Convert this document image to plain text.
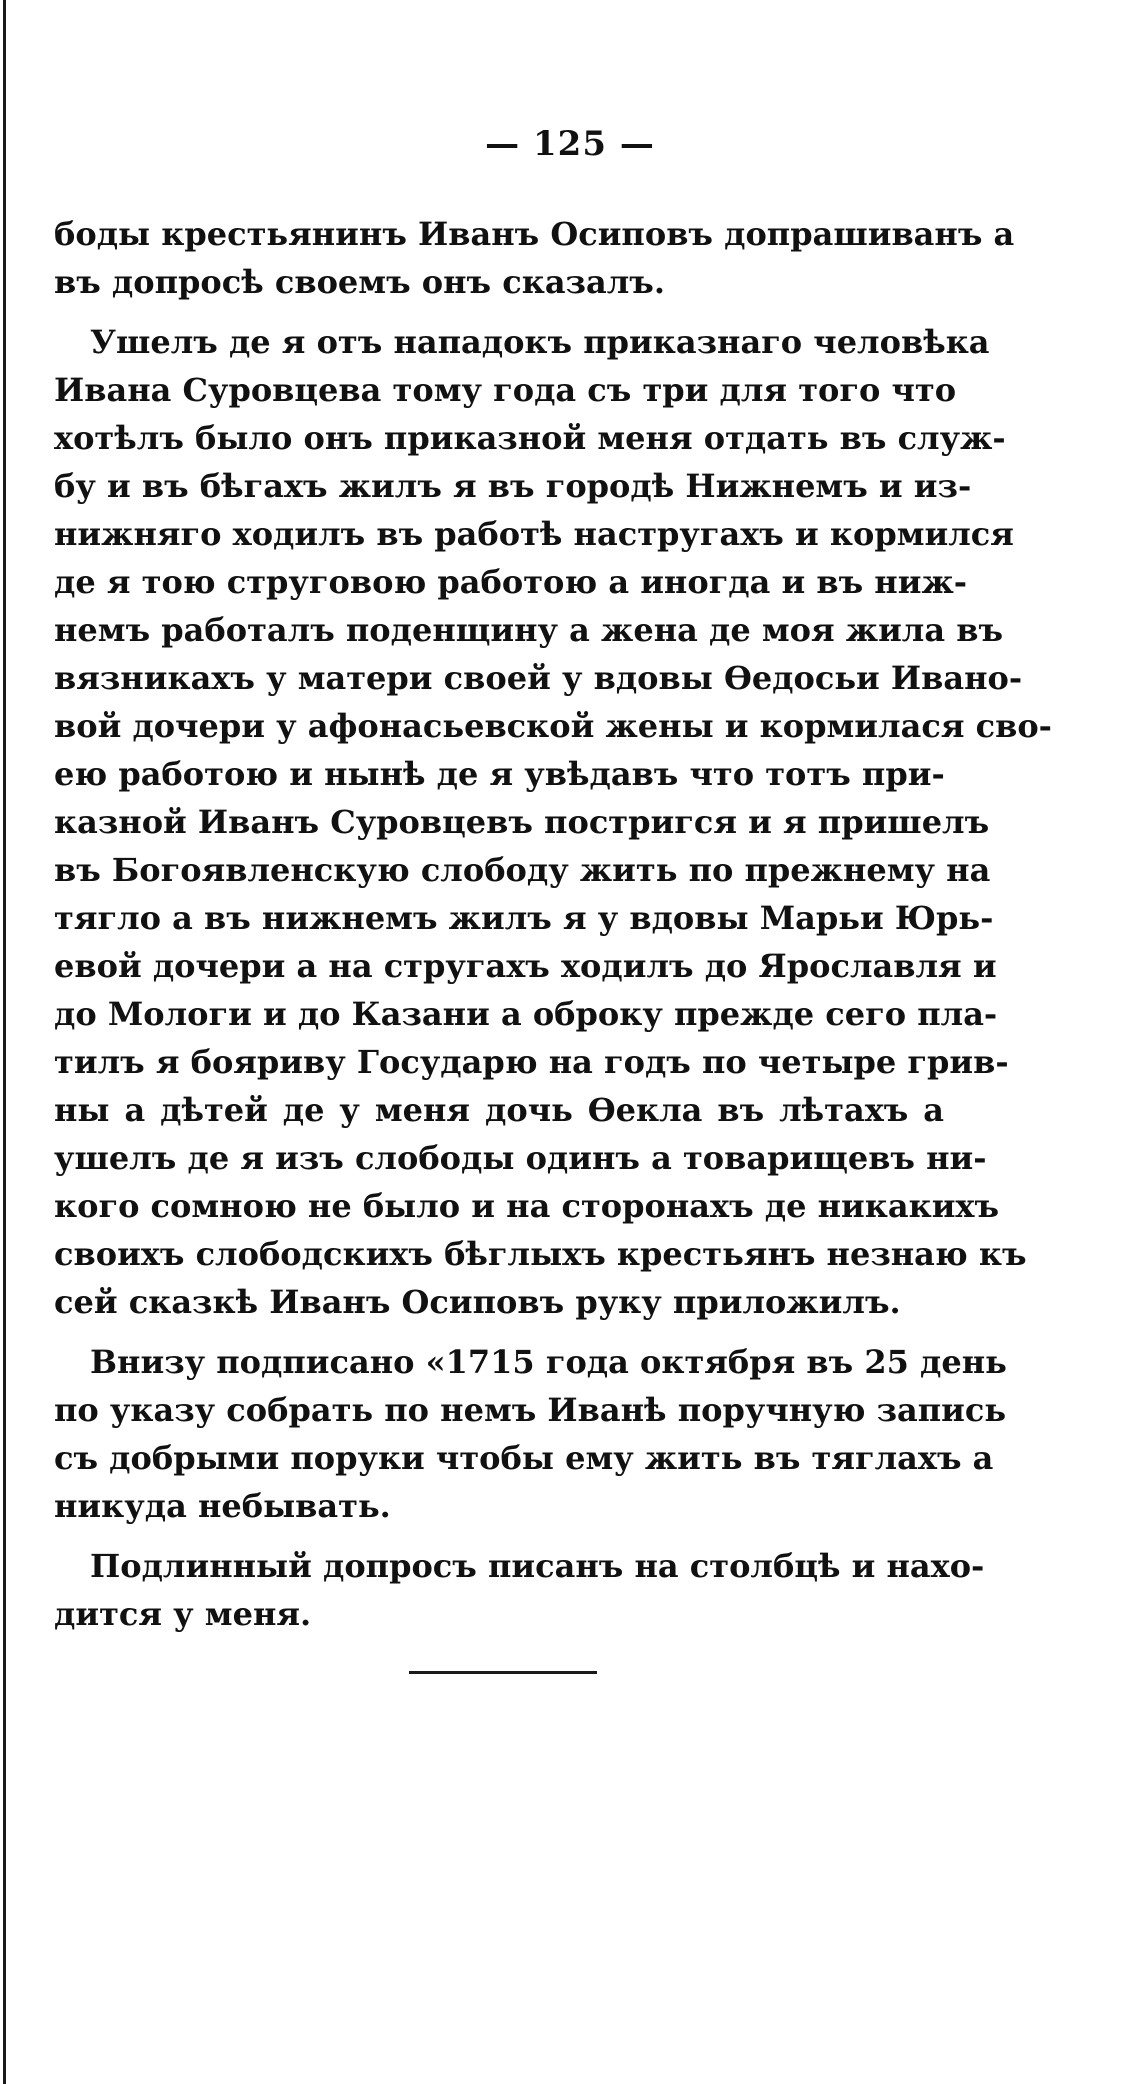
— 125 —
боды крестьянинъ Иванъ Осиповъ допрашиванъ а
въ допросѣ своемъ онъ сказалъ.
Ушелъ де я отъ нападокъ приказнаго человѣка
Ивана Суровцева тому года съ три для того что
хотѣлъ было онъ приказной меня отдать въ служ-
бу и въ бѣгахъ жилъ я въ городѣ Нижнемъ и из-
нижняго ходилъ въ работѣ настругахъ и кормился
де я тою струговою работою а иногда и въ ниж-
немъ работалъ поденщину а жена де моя жила въ
вязникахъ у матери своей у вдовы Ѳедосьи Ивано-
вой дочери у афонасьевской жены и кормилася сво-
ею работою и нынѣ де я увѣдавъ что тотъ при-
казной Иванъ Суровцевъ постригся и я пришелъ
въ Богоявленскую слободу жить по прежнему на
тягло а въ нижнемъ жилъ я у вдовы Марьи Юрь-
евой дочери а на стругахъ ходилъ до Ярославля и
до Мологи и до Казани а оброку прежде сего пла-
тилъ я бояриву Государю на годъ по четыре грив-
ны а дѣтей де у меня дочь Ѳекла въ лѣтахъ а
ушелъ де я изъ слободы одинъ а товарищевъ ни-
кого сомною не было и на сторонахъ де никакихъ
своихъ слободскихъ бѣглыхъ крестьянъ незнаю къ
сей сказкѣ Иванъ Осиповъ руку приложилъ.
Внизу подписано «1715 года октября въ 25 день
по указу собрать по немъ Иванѣ поручную запись
съ добрыми поруки чтобы ему жить въ тяглахъ а
никуда небывать.
Подлинный допросъ писанъ на столбцѣ и нахо-
дится у меня.
